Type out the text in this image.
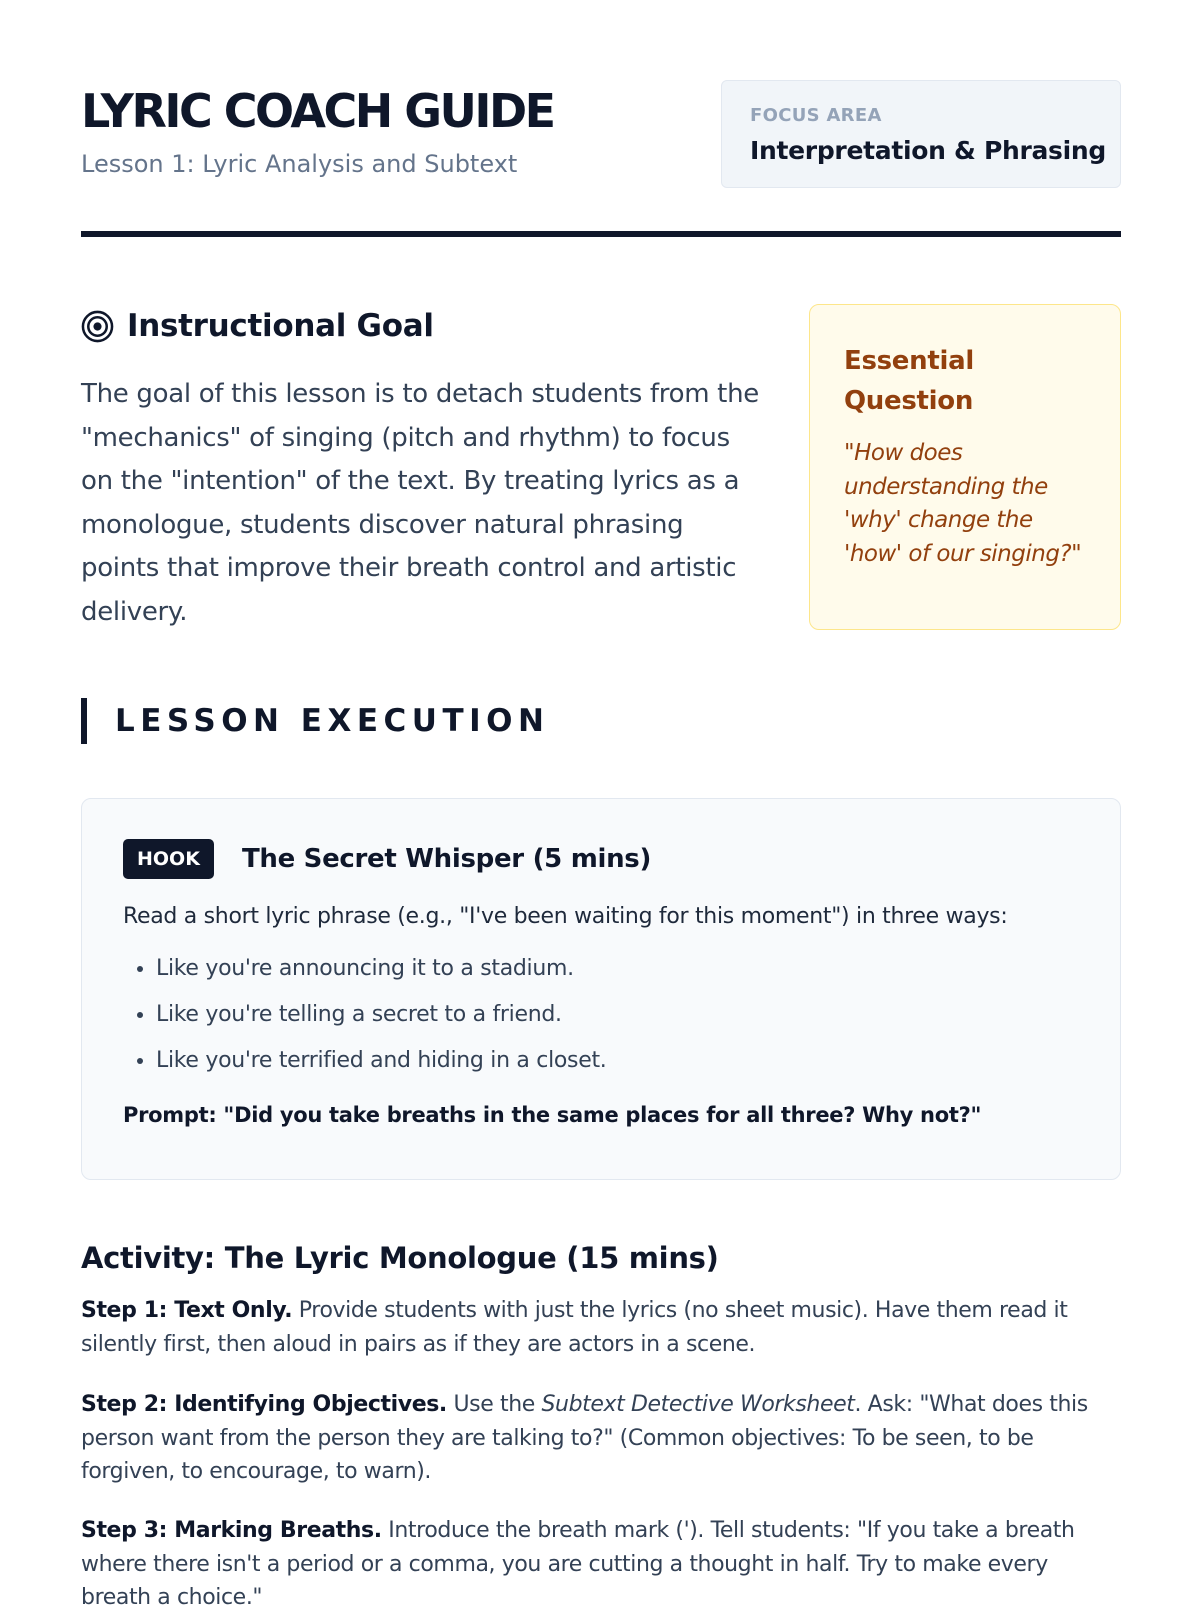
LYRIC COACH GUIDE
Lesson 1: Lyric Analysis and Subtext
FOCUS AREA
Interpretation & Phrasing
Instructional Goal

The goal of this lesson is to detach students from the "mechanics" of singing (pitch and rhythm) to focus on the "intention" of the text. By treating lyrics as a monologue, students discover natural phrasing points that improve their breath control and artistic delivery.

Essential Question

"How does understanding the 'why' change the 'how' of our singing?"

LESSON EXECUTION
HOOK	The Secret Whisper (5 mins)

Read a short lyric phrase (e.g., "I've been waiting for this moment") in three ways:

• Like you're announcing it to a stadium.
• Like you're telling a secret to a friend.
• Like you're terrified and hiding in a closet.

Prompt: "Did you take breaths in the same places for all three? Why not?"

Activity: The Lyric Monologue (15 mins)

Step 1: Text Only. Provide students with just the lyrics (no sheet music). Have them read it silently first, then aloud in pairs as if they are actors in a scene.

Step 2: Identifying Objectives. Use the Subtext Detective Worksheet. Ask: "What does this person want from the person they are talking to?" (Common objectives: To be seen, to be forgiven, to encourage, to warn).

Step 3: Marking Breaths. Introduce the breath mark ('). Tell students: "If you take a breath where there isn't a period or a comma, you are cutting a thought in half. Try to make every breath a choice."
